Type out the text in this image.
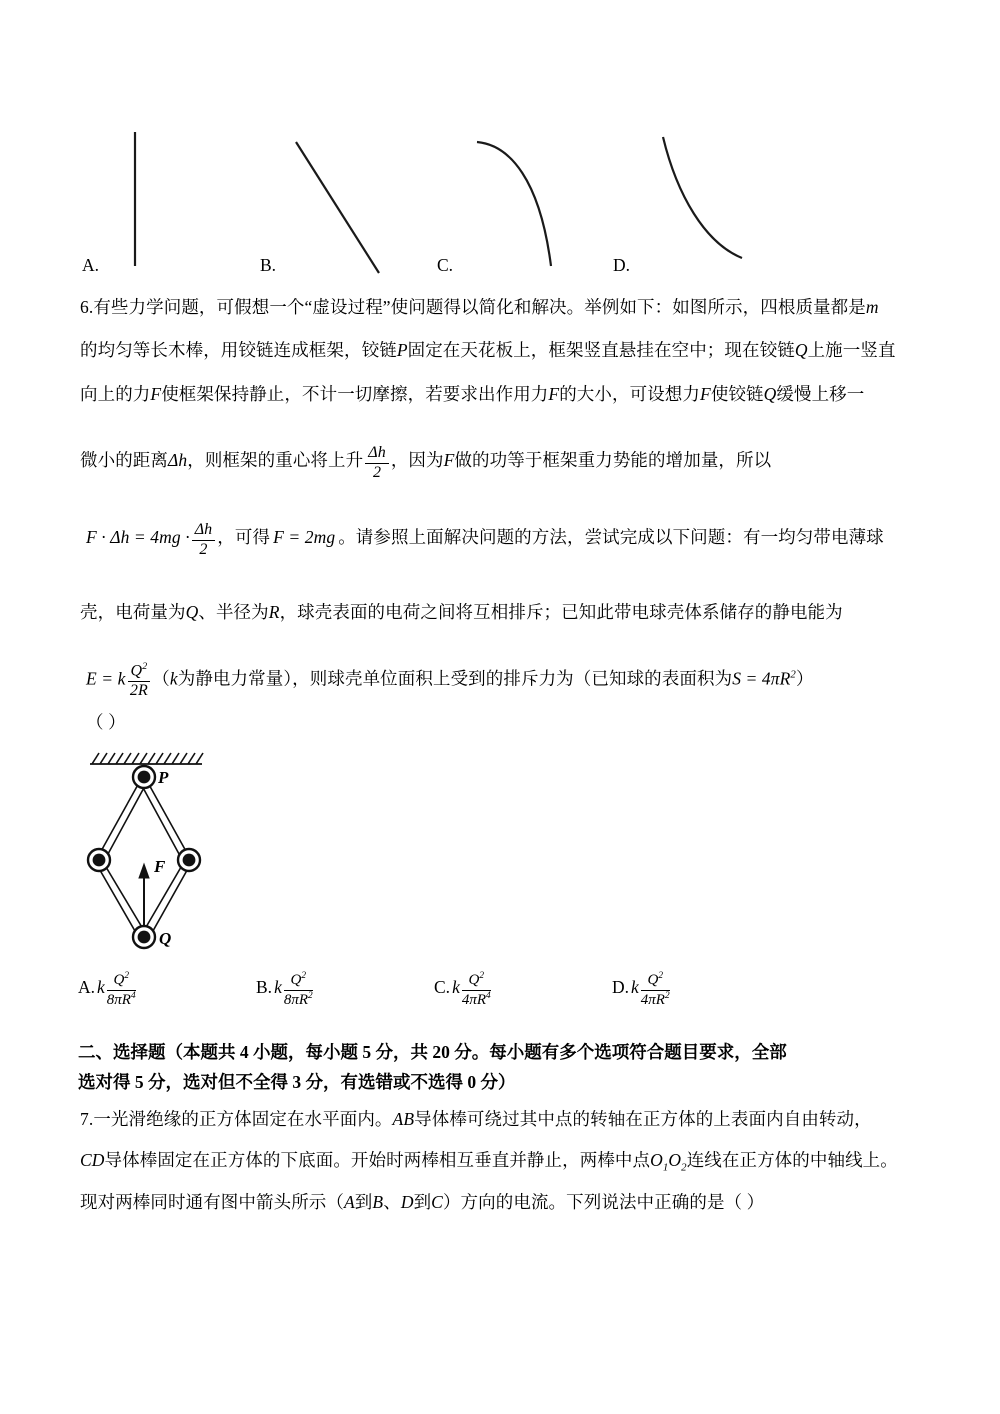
A.	B.	C.	D.
6.有些力学问题，可假想一个“虚设过程”使问题得以简化和解决。举例如下：如图所示，四根质量都是m
的均匀等长木棒，用铰链连成框架，铰链P固定在天花板上，框架竖直悬挂在空中；现在铰链Q上施一竖直
向上的力F使框架保持静止，不计一切摩擦，若要求出作用力F的大小，可设想力F使铰链Q缓慢上移一
微小的距离Δh，则框架的重心将上升 $\frac{\Delta h}{2}$ ，因为F做的功等于框架重力势能的增加量，所以
$F \cdot \Delta h = 4mg \cdot \frac{\Delta h}{2}$ ，可得 F = 2mg 。请参照上面解决问题的方法，尝试完成以下问题：有一均匀带电薄球
壳，电荷量为Q、半径为R，球壳表面的电荷之间将互相排斥；已知此带电球壳体系储存的静电能为
E = k $\frac{Q^2}{2R} (k$为静电力常量），则球壳单位面积上受到的排斥力为（已知球的表面积为$S = 4\pi R^2$）
（ ）
P
Q
F
A. k $\frac{Q^2}{8\pi R^4}$	B. k $\frac{Q^2}{8\pi R^2}$	C. k $\frac{Q^2}{4\pi R^4}$	D. k $\frac{Q^2}{4\pi R^2}$
二、选择题（本题共 4 小题，每小题 5 分，共 20 分。每小题有多个选项符合题目要求，全部
选对得 5 分，选对但不全得 3 分，有选错或不选得 0 分）
7.一光滑绝缘的正方体固定在水平面内。AB导体棒可绕过其中点的转轴在正方体的上表面内自由转动，
CD导体棒固定在正方体的下底面。开始时两棒相互垂直并静止，两棒中点$O_1O_2$连线在正方体的中轴线上。
现对两棒同时通有图中箭头所示（A到B、D到C）方向的电流。下列说法中正确的是（ ）
